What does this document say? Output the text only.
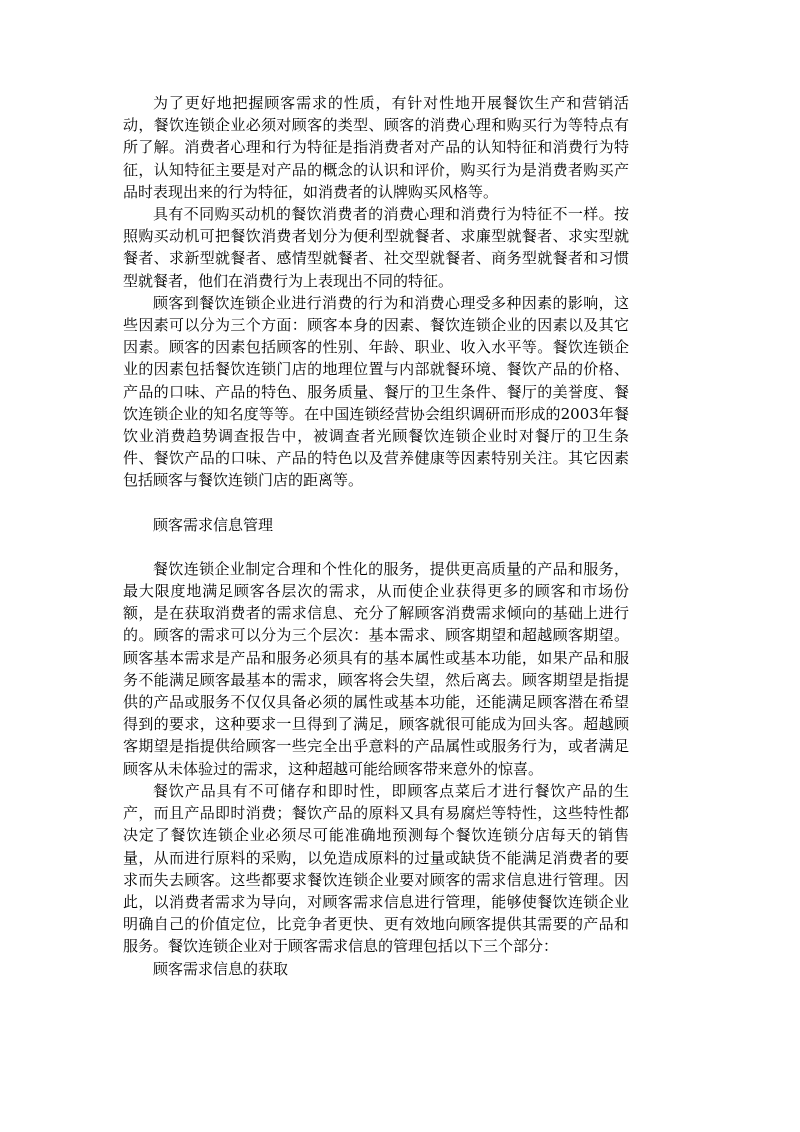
为了更好地把握顾客需求的性质，有针对性地开展餐饮生产和营销活动，餐饮连锁企业必须对顾客的类型、顾客的消费心理和购买行为等特点有所了解。消费者心理和行为特征是指消费者对产品的认知特征和消费行为特征，认知特征主要是对产品的概念的认识和评价，购买行为是消费者购买产品时表现出来的行为特征，如消费者的认牌购买风格等。

具有不同购买动机的餐饮消费者的消费心理和消费行为特征不一样。按照购买动机可把餐饮消费者划分为便利型就餐者、求廉型就餐者、求实型就餐者、求新型就餐者、感情型就餐者、社交型就餐者、商务型就餐者和习惯型就餐者，他们在消费行为上表现出不同的特征。

顾客到餐饮连锁企业进行消费的行为和消费心理受多种因素的影响，这些因素可以分为三个方面：顾客本身的因素、餐饮连锁企业的因素以及其它因素。顾客的因素包括顾客的性别、年龄、职业、收入水平等。餐饮连锁企业的因素包括餐饮连锁门店的地理位置与内部就餐环境、餐饮产品的价格、产品的口味、产品的特色、服务质量、餐厅的卫生条件、餐厅的美誉度、餐饮连锁企业的知名度等等。在中国连锁经营协会组织调研而形成的2003年餐饮业消费趋势调查报告中，被调查者光顾餐饮连锁企业时对餐厅的卫生条件、餐饮产品的口味、产品的特色以及营养健康等因素特别关注。其它因素包括顾客与餐饮连锁门店的距离等。

顾客需求信息管理

餐饮连锁企业制定合理和个性化的服务，提供更高质量的产品和服务，最大限度地满足顾客各层次的需求，从而使企业获得更多的顾客和市场份额，是在获取消费者的需求信息、充分了解顾客消费需求倾向的基础上进行的。顾客的需求可以分为三个层次：基本需求、顾客期望和超越顾客期望。顾客基本需求是产品和服务必须具有的基本属性或基本功能，如果产品和服务不能满足顾客最基本的需求，顾客将会失望，然后离去。顾客期望是指提供的产品或服务不仅仅具备必须的属性或基本功能，还能满足顾客潜在希望得到的要求，这种要求一旦得到了满足，顾客就很可能成为回头客。超越顾客期望是指提供给顾客一些完全出乎意料的产品属性或服务行为，或者满足顾客从未体验过的需求，这种超越可能给顾客带来意外的惊喜。

餐饮产品具有不可储存和即时性，即顾客点菜后才进行餐饮产品的生产，而且产品即时消费；餐饮产品的原料又具有易腐烂等特性，这些特性都决定了餐饮连锁企业必须尽可能准确地预测每个餐饮连锁分店每天的销售量，从而进行原料的采购，以免造成原料的过量或缺货不能满足消费者的要求而失去顾客。这些都要求餐饮连锁企业要对顾客的需求信息进行管理。因此，以消费者需求为导向，对顾客需求信息进行管理，能够使餐饮连锁企业明确自己的价值定位，比竞争者更快、更有效地向顾客提供其需要的产品和服务。餐饮连锁企业对于顾客需求信息的管理包括以下三个部分：

顾客需求信息的获取
